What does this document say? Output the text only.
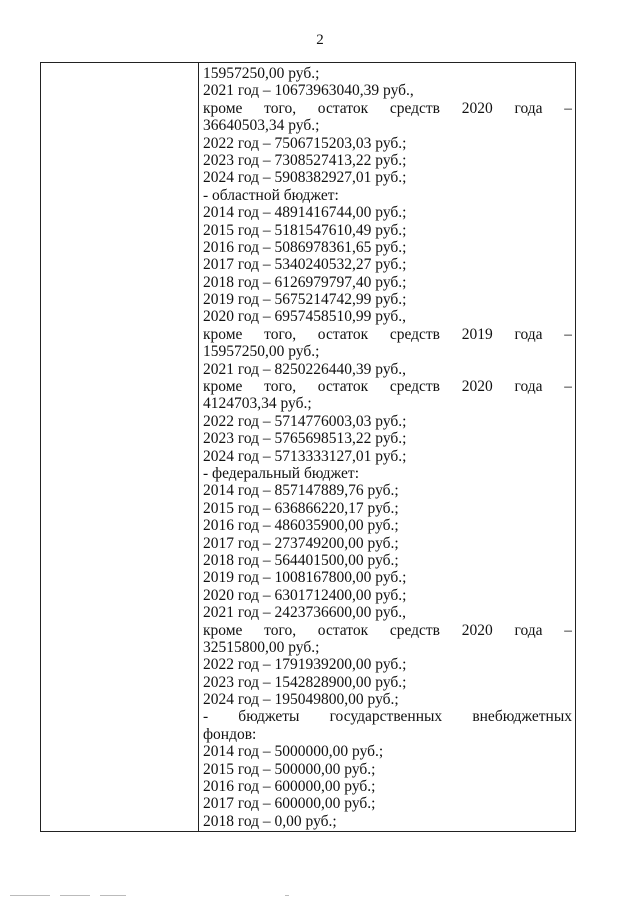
2
15957250,00 руб.;
2021 год – 10673963040,39 руб.,
кроме того, остаток средств 2020 года –
36640503,34 руб.;
2022 год – 7506715203,03 руб.;
2023 год – 7308527413,22 руб.;
2024 год – 5908382927,01 руб.;
- областной бюджет:
2014 год – 4891416744,00 руб.;
2015 год – 5181547610,49 руб.;
2016 год – 5086978361,65 руб.;
2017 год – 5340240532,27 руб.;
2018 год – 6126979797,40 руб.;
2019 год – 5675214742,99 руб.;
2020 год – 6957458510,99 руб.,
кроме того, остаток средств 2019 года –
15957250,00 руб.;
2021 год – 8250226440,39 руб.,
кроме того, остаток средств 2020 года –
4124703,34 руб.;
2022 год – 5714776003,03 руб.;
2023 год – 5765698513,22 руб.;
2024 год – 5713333127,01 руб.;
- федеральный бюджет:
2014 год – 857147889,76 руб.;
2015 год – 636866220,17 руб.;
2016 год – 486035900,00 руб.;
2017 год – 273749200,00 руб.;
2018 год – 564401500,00 руб.;
2019 год – 1008167800,00 руб.;
2020 год – 6301712400,00 руб.;
2021 год – 2423736600,00 руб.,
кроме того, остаток средств 2020 года –
32515800,00 руб.;
2022 год – 1791939200,00 руб.;
2023 год – 1542828900,00 руб.;
2024 год – 195049800,00 руб.;
- бюджеты государственных внебюджетных
фондов:
2014 год – 5000000,00 руб.;
2015 год – 500000,00 руб.;
2016 год – 600000,00 руб.;
2017 год – 600000,00 руб.;
2018 год – 0,00 руб.;
